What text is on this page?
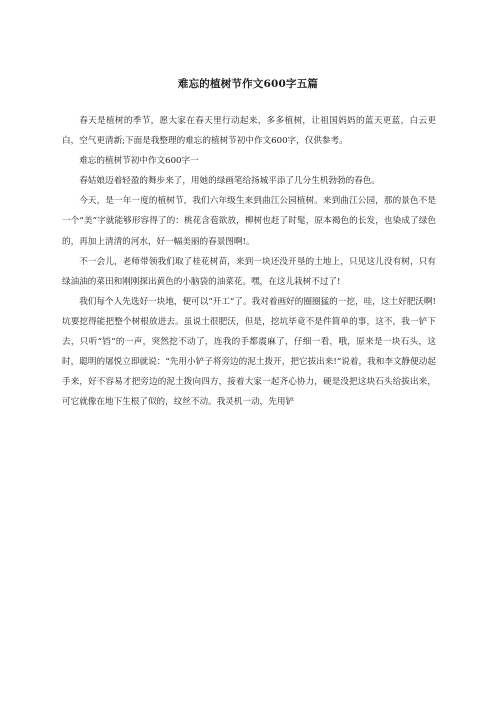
难忘的植树节作文600字五篇

春天是植树的季节，愿大家在春天里行动起来，多多植树，让祖国妈妈的蓝天更蓝，白云更白，空气更清新;下面是我整理的难忘的植树节初中作文600字，仅供参考。

难忘的植树节初中作文600字一

春姑娘迈着轻盈的舞步来了，用她的绿画笔给扬城平添了几分生机勃勃的春色。

今天，是一年一度的植树节，我们六年级生来到曲江公园植树。来到曲江公园，那的景色不是一个“美”字就能够形容得了的：桃花含苞欲放，柳树也赶了时髦，原本褐色的长发，也染成了绿色的，再加上清清的河水，好一幅美丽的春景图啊!。

不一会儿，老师带领我们取了桂花树苗，来到一块还没开垦的土地上，只见这儿没有树，只有绿油油的菜田和刚刚探出黄色的小脑袋的油菜花。嘿，在这儿栽树不过了!

我们每个人先选好一块地，便可以“开工”了。我对着画好的圈圈猛的一挖，哇，这土好肥沃啊!坑要挖得能把整个树根放进去。虽说土很肥沃，但是，挖坑毕竟不是件简单的事，这不，我一铲下去，只听“铛”的一声，突然挖不动了，连我的手都震麻了，仔细一看，哦，原来是一块石头，这时，聪明的屠悦立即就说：“先用小铲子将旁边的泥土拨开，把它拔出来!”说着，我和李文静便动起手来，好不容易才把旁边的泥土拨向四方，接着大家一起齐心协力，硬是没把这块石头给拔出来，可它就像在地下生根了似的，纹丝不动。我灵机一动，先用铲
